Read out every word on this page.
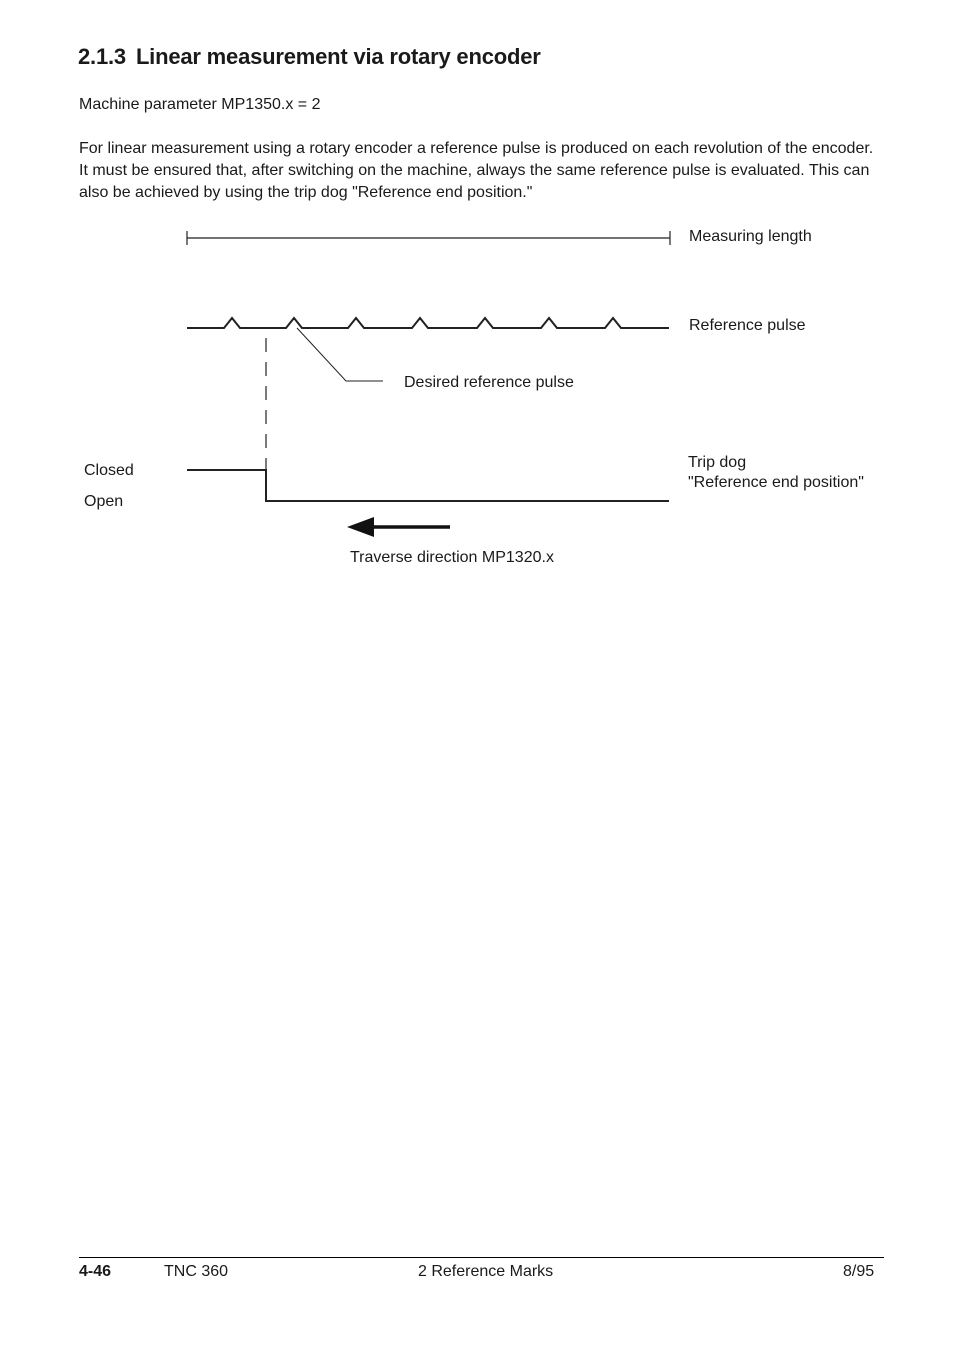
2.1.3 Linear measurement via rotary encoder
Machine parameter MP1350.x = 2
For linear measurement using a rotary encoder a reference pulse is produced on each revolution of the encoder. It must be ensured that, after switching on the machine, always the same reference pulse is evaluated. This can also be achieved by using the trip dog "Reference end position."
Measuring length
Reference pulse
Desired reference pulse
Closed
Open
Trip dog
"Reference end position"
Traverse direction MP1320.x
4-46	TNC 360	2 Reference Marks	8/95
